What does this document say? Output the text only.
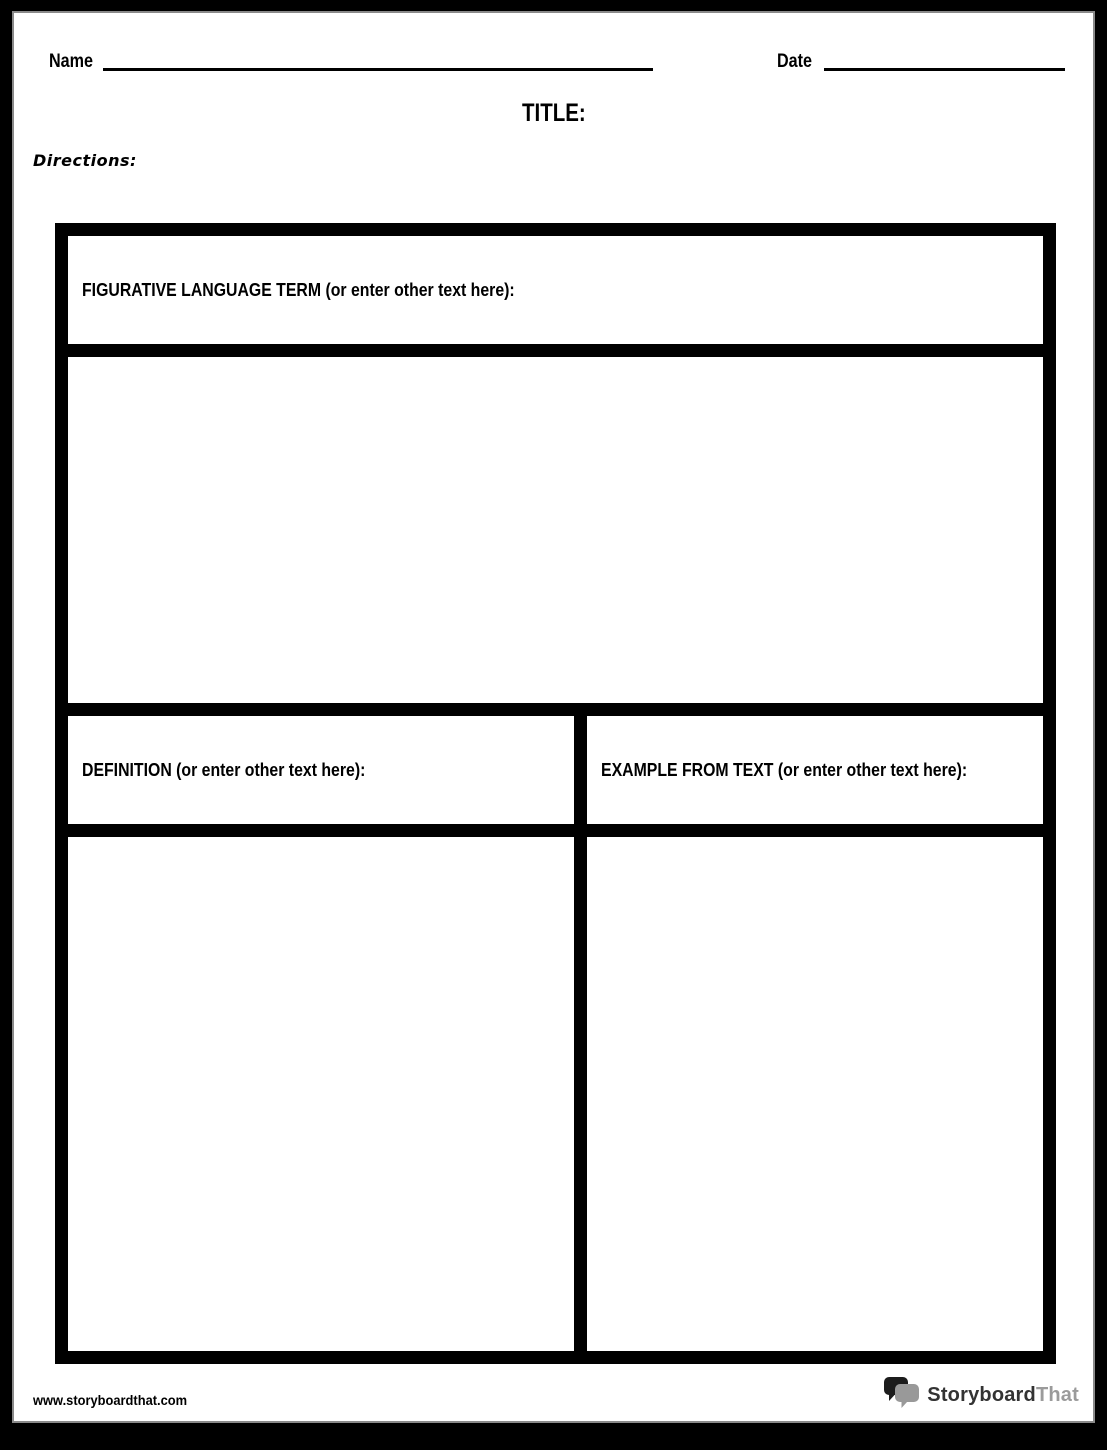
Name	Date
TITLE:
Directions:
FIGURATIVE LANGUAGE TERM (or enter other text here):
DEFINITION (or enter other text here):	EXAMPLE FROM TEXT (or enter other text here):
www.storyboardthat.com	StoryboardThat
